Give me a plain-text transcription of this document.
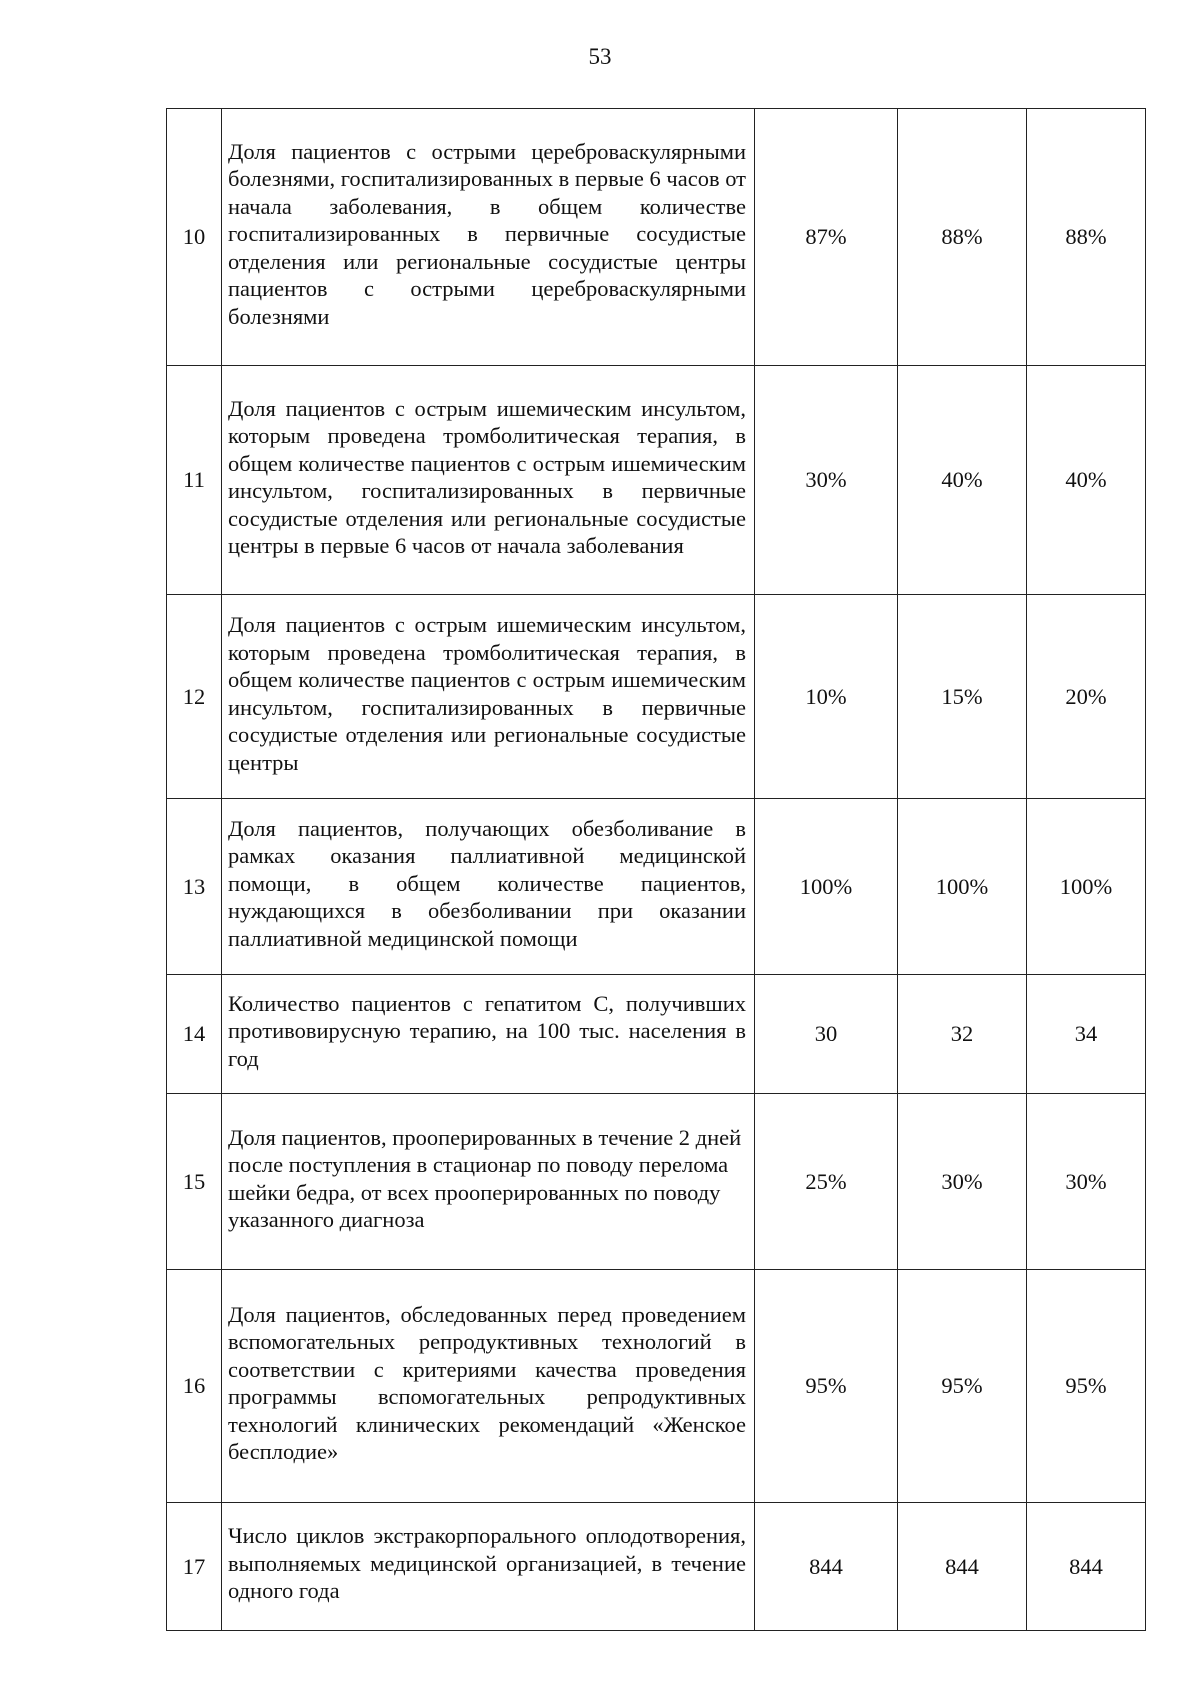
53
10	Доля пациентов с острыми цереброваскулярными болезнями, госпитализированных в первые 6 часов от начала заболевания, в общем количестве госпитализированных в первичные сосудистые отделения или региональные сосудистые центры пациентов с острыми цереброваскулярными болезнями	87%	88%	88%
11	Доля пациентов с острым ишемическим инсультом, которым проведена тромболитическая терапия, в общем количестве пациентов с острым ишемическим инсультом, госпитализированных в первичные сосудистые отделения или региональные сосудистые центры в первые 6 часов от начала заболевания	30%	40%	40%
12	Доля пациентов с острым ишемическим инсультом, которым проведена тромболитическая терапия, в общем количестве пациентов с острым ишемическим инсультом, госпитализированных в первичные сосудистые отделения или региональные сосудистые центры	10%	15%	20%
13	Доля пациентов, получающих обезболивание в рамках оказания паллиативной медицинской помощи, в общем количестве пациентов, нуждающихся в обезболивании при оказании паллиативной медицинской помощи	100%	100%	100%
14	Количество пациентов с гепатитом С, получивших противовирусную терапию, на 100 тыс. населения в год	30	32	34
15	Доля пациентов, прооперированных в течение 2 дней после поступления в стационар по поводу перелома шейки бедра, от всех прооперированных по поводу указанного диагноза	25%	30%	30%
16	Доля пациентов, обследованных перед проведением вспомогательных репродуктивных технологий в соответствии с критериями качества проведения программы вспомогательных репродуктивных технологий клинических рекомендаций «Женское бесплодие»	95%	95%	95%
17	Число циклов экстракорпорального оплодотворения, выполняемых медицинской организацией, в течение одного года	844	844	844
